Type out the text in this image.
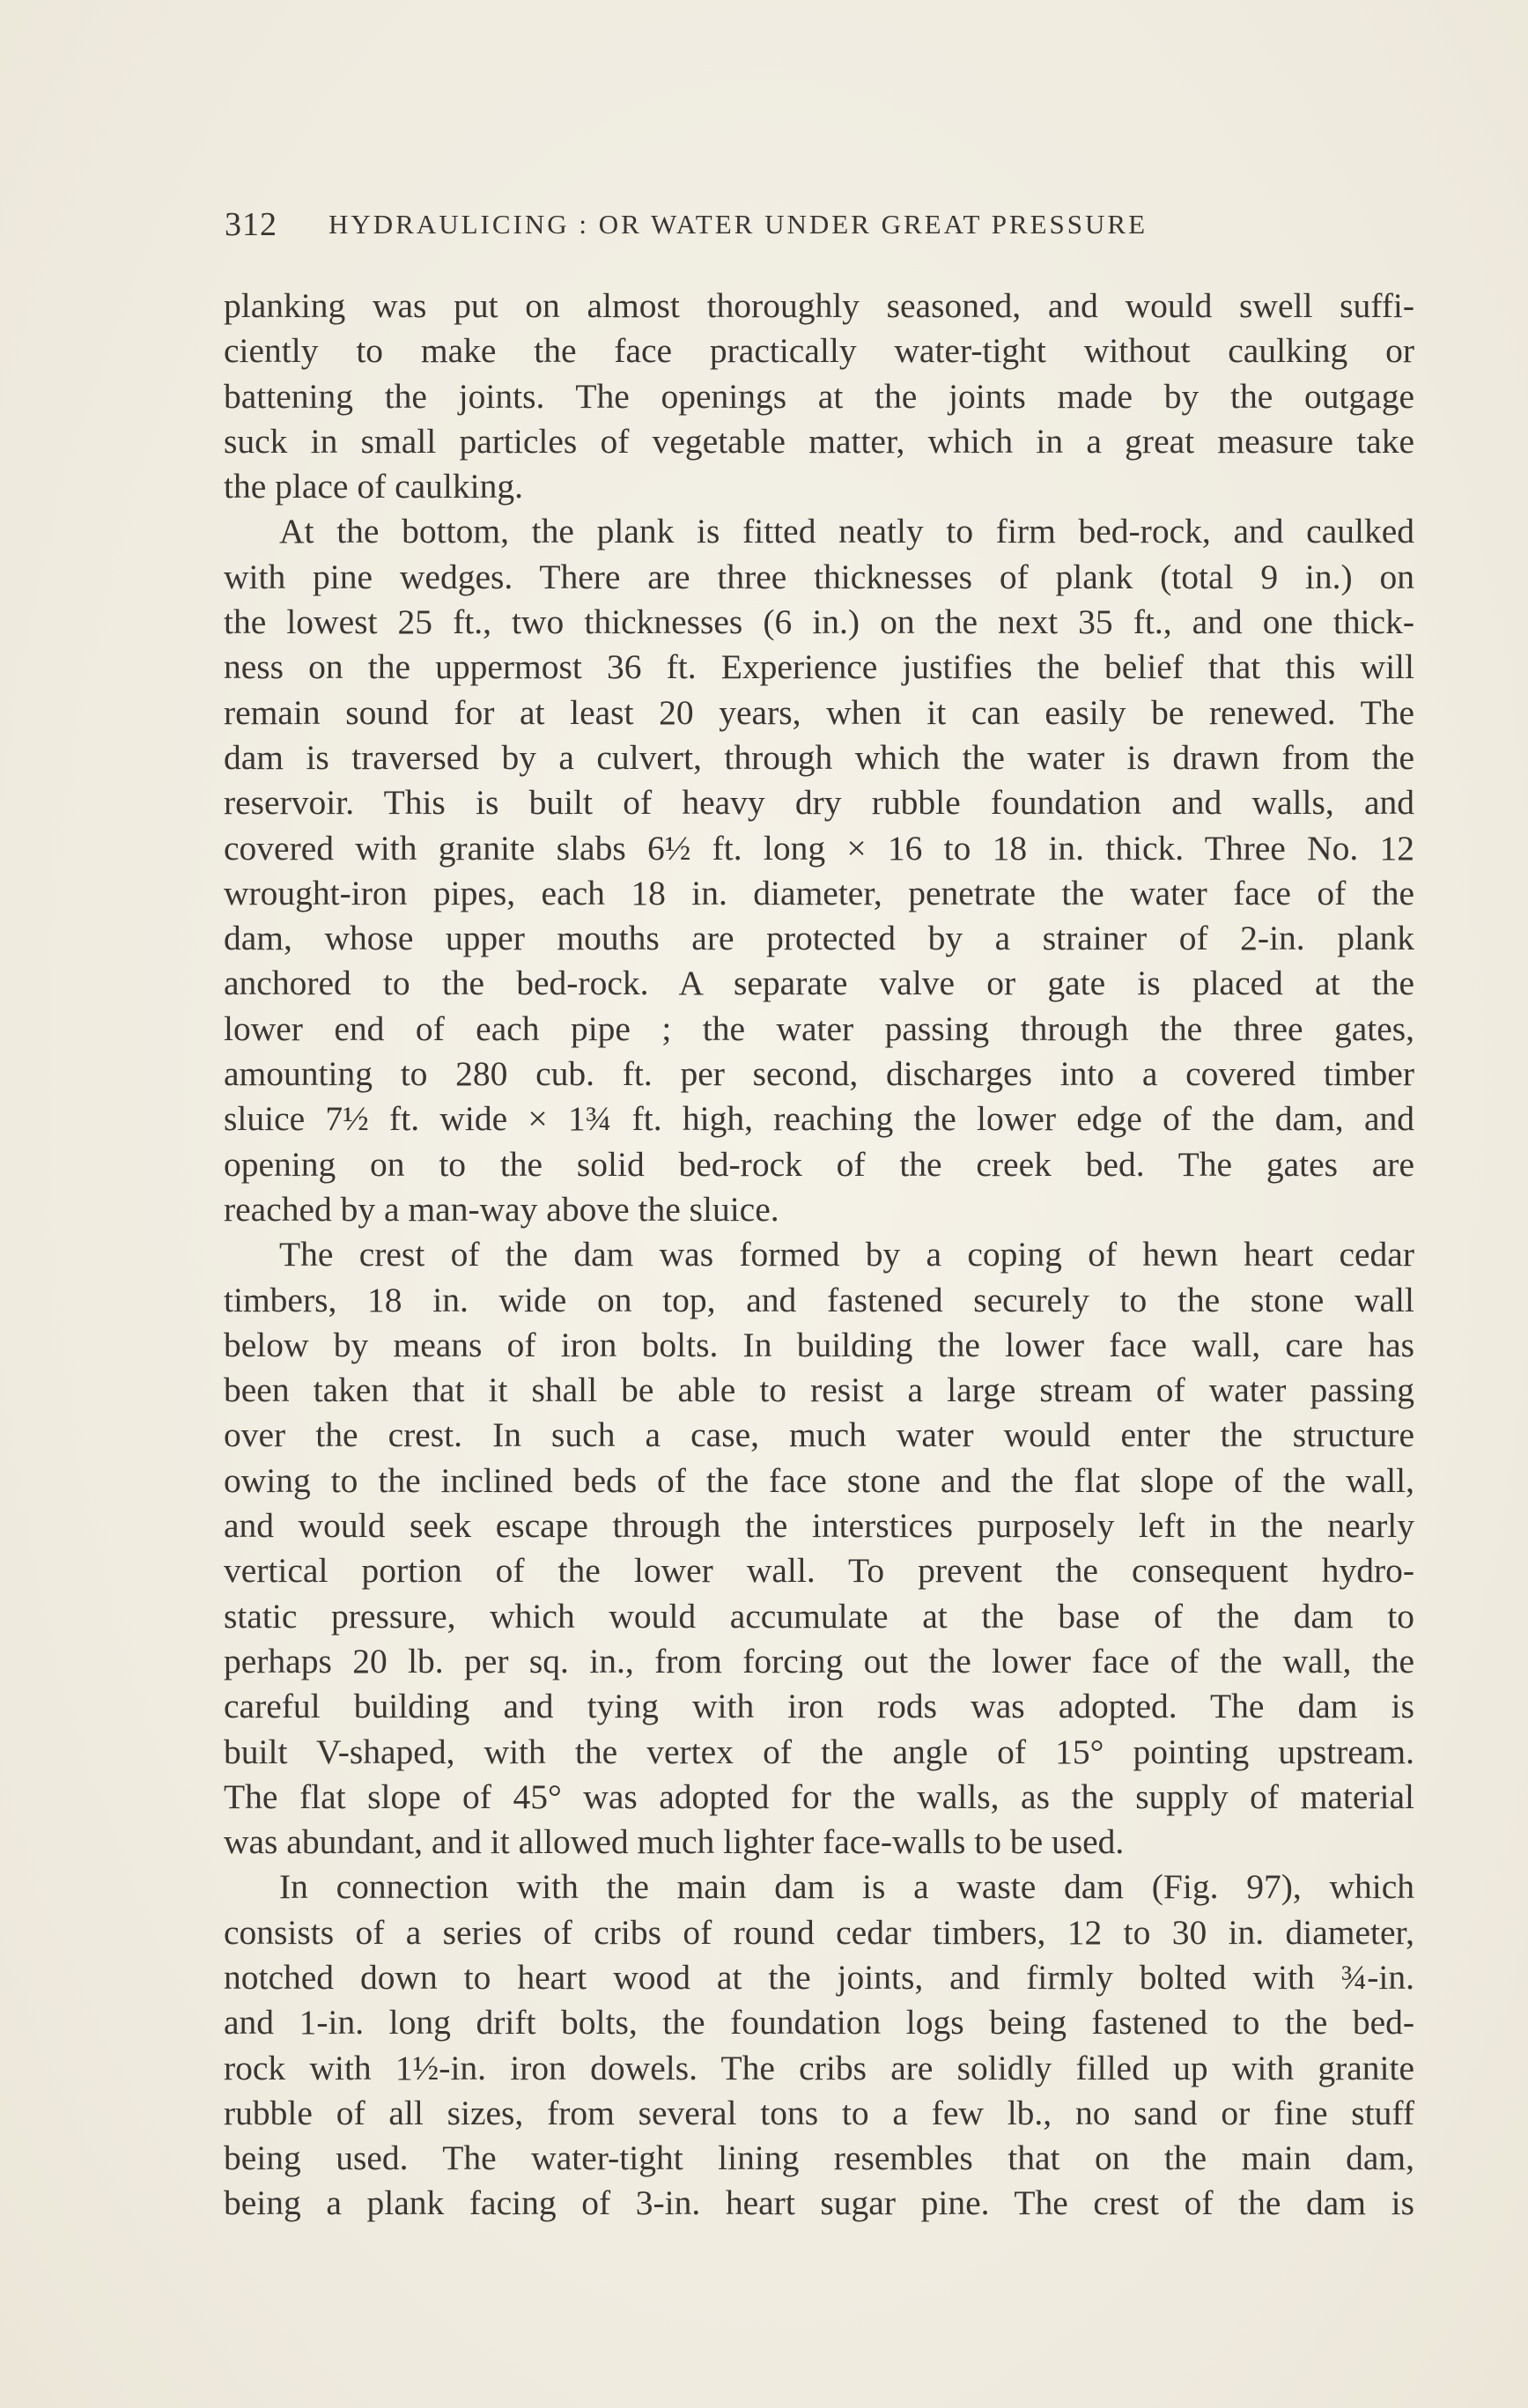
312 HYDRAULICING : OR WATER UNDER GREAT PRESSURE
planking was put on almost thoroughly seasoned, and would swell suffi-
ciently to make the face practically water-tight without caulking or
battening the joints. The openings at the joints made by the outgage
suck in small particles of vegetable matter, which in a great measure take
the place of caulking.
At the bottom, the plank is fitted neatly to firm bed-rock, and caulked
with pine wedges. There are three thicknesses of plank (total 9 in.) on
the lowest 25 ft., two thicknesses (6 in.) on the next 35 ft., and one thick-
ness on the uppermost 36 ft. Experience justifies the belief that this will
remain sound for at least 20 years, when it can easily be renewed. The
dam is traversed by a culvert, through which the water is drawn from the
reservoir. This is built of heavy dry rubble foundation and walls, and
covered with granite slabs 6½ ft. long × 16 to 18 in. thick. Three No. 12
wrought-iron pipes, each 18 in. diameter, penetrate the water face of the
dam, whose upper mouths are protected by a strainer of 2-in. plank
anchored to the bed-rock. A separate valve or gate is placed at the
lower end of each pipe ; the water passing through the three gates,
amounting to 280 cub. ft. per second, discharges into a covered timber
sluice 7½ ft. wide × 1¾ ft. high, reaching the lower edge of the dam, and
opening on to the solid bed-rock of the creek bed. The gates are
reached by a man-way above the sluice.
The crest of the dam was formed by a coping of hewn heart cedar
timbers, 18 in. wide on top, and fastened securely to the stone wall
below by means of iron bolts. In building the lower face wall, care has
been taken that it shall be able to resist a large stream of water passing
over the crest. In such a case, much water would enter the structure
owing to the inclined beds of the face stone and the flat slope of the wall,
and would seek escape through the interstices purposely left in the nearly
vertical portion of the lower wall. To prevent the consequent hydro-
static pressure, which would accumulate at the base of the dam to
perhaps 20 lb. per sq. in., from forcing out the lower face of the wall, the
careful building and tying with iron rods was adopted. The dam is
built V-shaped, with the vertex of the angle of 15° pointing upstream.
The flat slope of 45° was adopted for the walls, as the supply of material
was abundant, and it allowed much lighter face-walls to be used.
In connection with the main dam is a waste dam (Fig. 97), which
consists of a series of cribs of round cedar timbers, 12 to 30 in. diameter,
notched down to heart wood at the joints, and firmly bolted with ¾-in.
and 1-in. long drift bolts, the foundation logs being fastened to the bed-
rock with 1½-in. iron dowels. The cribs are solidly filled up with granite
rubble of all sizes, from several tons to a few lb., no sand or fine stuff
being used. The water-tight lining resembles that on the main dam,
being a plank facing of 3-in. heart sugar pine. The crest of the dam is
